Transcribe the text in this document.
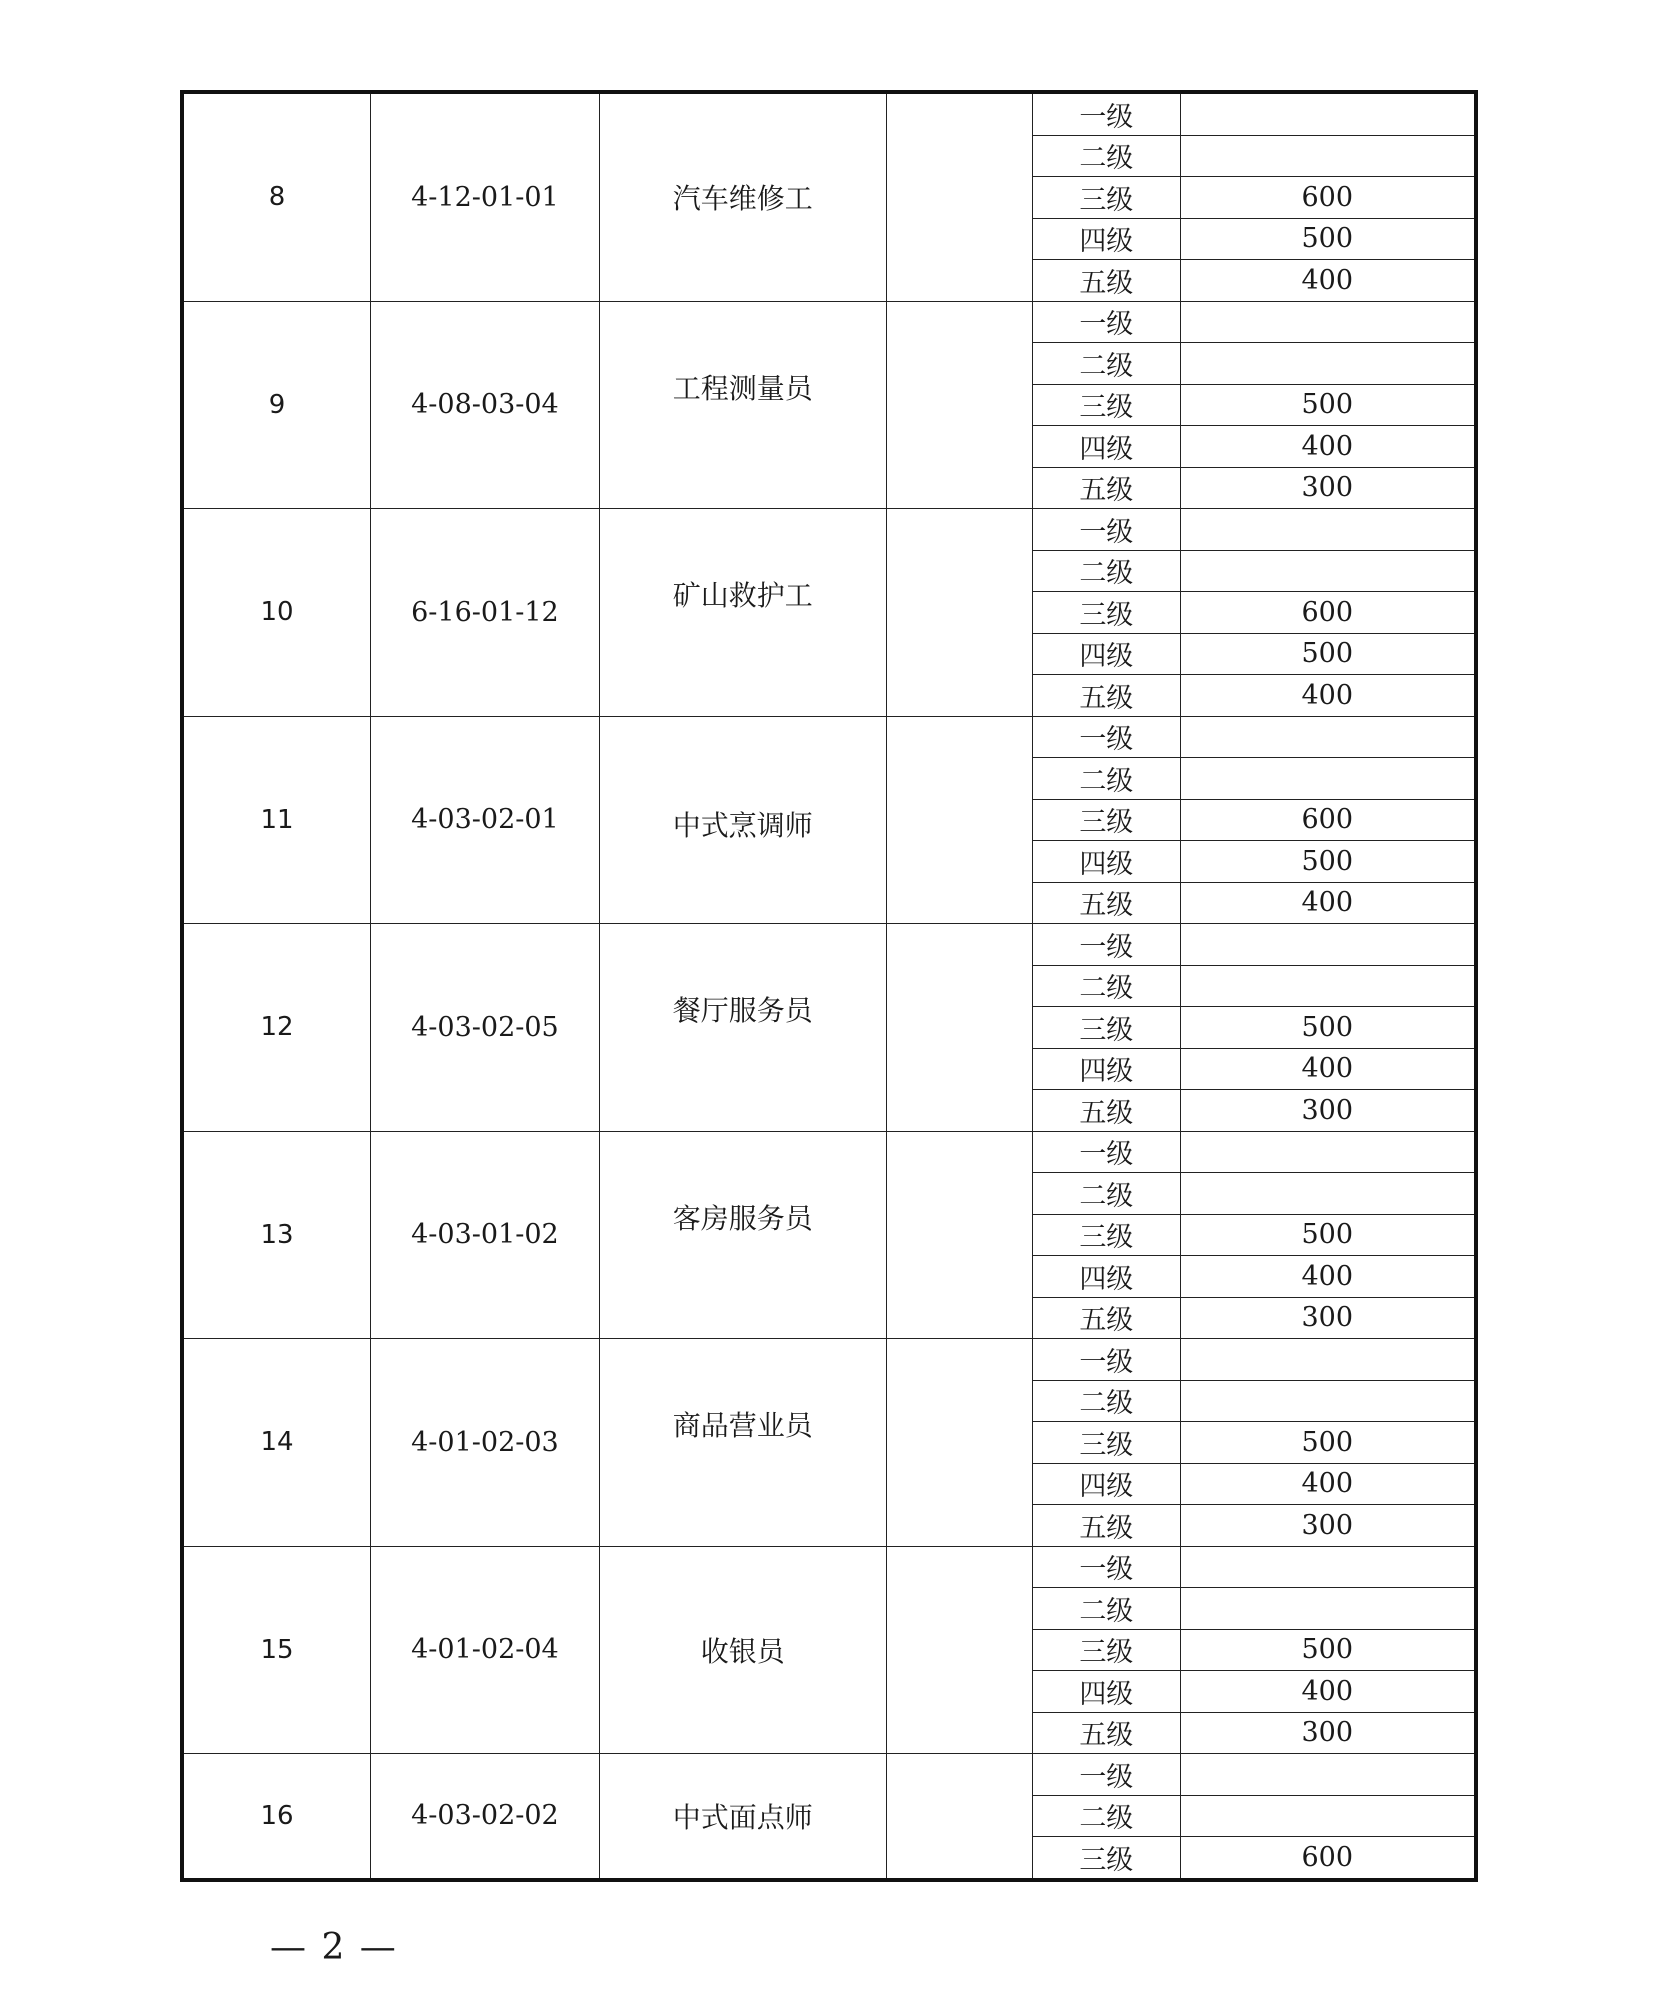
8	4-12-01-01	汽车维修工		一级	
				二级	
				三级	600
				四级	500
				五级	400
9	4-08-03-04	工程测量员		一级	
				二级	
				三级	500
				四级	400
				五级	300
10	6-16-01-12	矿山救护工		一级	
				二级	
				三级	600
				四级	500
				五级	400
11	4-03-02-01	中式烹调师		一级	
				二级	
				三级	600
				四级	500
				五级	400
12	4-03-02-05	餐厅服务员		一级	
				二级	
				三级	500
				四级	400
				五级	300
13	4-03-01-02	客房服务员		一级	
				二级	
				三级	500
				四级	400
				五级	300
14	4-01-02-03	商品营业员		一级	
				二级	
				三级	500
				四级	400
				五级	300
15	4-01-02-04	收银员		一级	
				二级	
				三级	500
				四级	400
				五级	300
16	4-03-02-02	中式面点师		一级	
				二级	
				三级	600
— 2 —
